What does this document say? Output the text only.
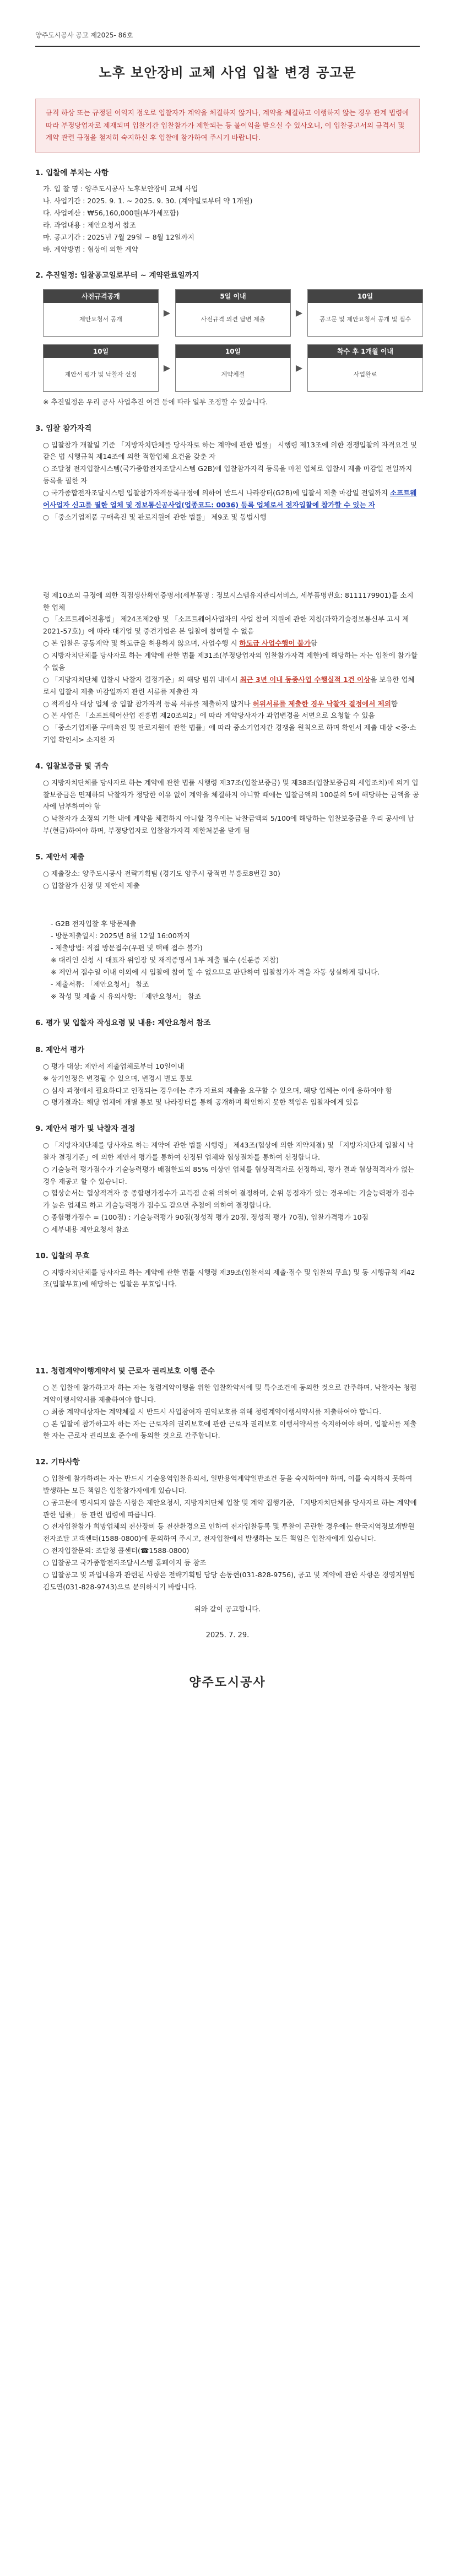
양주도시공사 공고 제2025- 86호
노후 보안장비 교체 사업 입찰 변경 공고문
규격 하상 또는 규정된 이익지 정오로 입찰자가 계약을 체결하지 않거나, 계약을 체결하고 이행하지 않는 경우 관계 법령에 따라 부정당업자로 제재되며 입찰기간 입찰참가가 제한되는 등 불이익을 받으실 수 있사오니, 이 입찰공고서의 규격서 및 계약 관련 규정을 철저히 숙지하신 후 입찰에 참가하여 주시기 바랍니다.
1. 입찰에 부치는 사항
가. 입 찰 명 : 양주도시공사 노후보안장비 교체 사업
나. 사업기간 : 2025. 9. 1. ~ 2025. 9. 30. (계약일로부터 약 1개월)
다. 사업예산 : ₩56,160,000원(부가세포함)
라. 과업내용 : 제안요청서 참조
마. 공고기간 : 2025년 7월 29일 ~ 8월 12일까지
바. 계약방법 : 협상에 의한 계약
2. 추진일정: 입찰공고일로부터 ~ 계약완료일까지
사전규격공개
제안요청서 공개
▶
5일 이내
사전규격 의견 답변 제출
▶
10일
공고문 및 제안요청서 공개 및 접수
10일
제안서 평가 및 낙찰자 선정
▶
10일
계약체결
▶
착수 후 1개월 이내
사업완료

※ 추진일정은 우리 공사 사업추진 여건 등에 따라 일부 조정할 수 있습니다.

3. 입찰 참가자격

○ 입찰참가 개찰일 기준 「지방자치단체를 당사자로 하는 계약에 관한 법률」 시행령 제13조에 의한 경쟁입찰의 자격요건 및 같은 법 시행규칙 제14조에 의한 적합업체 요건을 갖춘 자

○ 조달청 전자입찰시스템(국가종합전자조달시스템 G2B)에 입찰참가자격 등록을 마친 업체로 입찰서 제출 마감일 전일까지 등록을 필한 자

○ 국가종합전자조달시스템 입찰참가자격등록규정에 의하여 반드시 나라장터(G2B)에 입찰서 제출 마감일 전일까지 소프트웨어사업자 신고를 필한 업체 및 정보통신공사업(업종코드: 0036) 등록 업체로서 전자입찰에 참가할 수 있는 자

○ 「중소기업제품 구매촉진 및 판로지원에 관한 법률」 제9조 및 동법시행

령 제10조의 규정에 의한 직접생산확인증명서(세부품명 : 정보시스템유지관리서비스, 세부품명번호: 8111179901)를 소지한 업체

○ 「소프트웨어진흥법」 제24조제2항 및 「소프트웨어사업자의 사업 참여 지원에 관한 지침(과학기술정보통신부 고시 제2021-57호)」에 따라 대기업 및 중견기업은 본 입찰에 참여할 수 없음

○ 본 입찰은 공동계약 및 하도급을 허용하지 않으며, 사업수행 시 하도급 사업수행이 불가함

○ 지방자치단체를 당사자로 하는 계약에 관한 법률 제31조(부정당업자의 입찰참가자격 제한)에 해당하는 자는 입찰에 참가할 수 없음

○ 「지방자치단체 입찰시 낙찰자 결정기준」의 해당 범위 내에서 최근 3년 이내 동종사업 수행실적 1건 이상을 보유한 업체로서 입찰서 제출 마감일까지 관련 서류를 제출한 자

○ 적격심사 대상 업체 중 입찰 참가자격 등록 서류를 제출하지 않거나 허위서류를 제출한 경우 낙찰자 결정에서 제외함

○ 본 사업은 「소프트웨어산업 진흥법 제20조의2」에 따라 계약당사자가 과업변경을 서면으로 요청할 수 있음

○ 「중소기업제품 구매촉진 및 판로지원에 관한 법률」에 따라 중소기업자간 경쟁을 원칙으로 하며 확인서 제출 대상 <중·소기업 확인서> 소지한 자

4. 입찰보증금 및 귀속

○ 지방자치단체를 당사자로 하는 계약에 관한 법률 시행령 제37조(입찰보증금) 및 제38조(입찰보증금의 세입조치)에 의거 입찰보증금은 면제하되 낙찰자가 정당한 이유 없이 계약을 체결하지 아니할 때에는 입찰금액의 100분의 5에 해당하는 금액을 공사에 납부하여야 함

○ 낙찰자가 소정의 기한 내에 계약을 체결하지 아니할 경우에는 낙찰금액의 5/100에 해당하는 입찰보증금을 우리 공사에 납부(현금)하여야 하며, 부정당업자로 입찰참가자격 제한처분을 받게 됨

5. 제안서 제출
○ 제출장소: 양주도시공사 전략기획팀 (경기도 양주시 광적면 부흥로8번길 30)
○ 입찰참가 신청 및 제안서 제출
- G2B 전자입찰 후 방문제출
- 방문제출일시: 2025년 8월 12일 16:00까지
- 제출방법: 직접 방문접수(우편 및 택배 접수 불가)
※ 대리인 신청 시 대표자 위임장 및 재직증명서 1부 제출 필수 (신분증 지참)
※ 제안서 접수일 이내 이외에 시 입찰에 참여 할 수 없으므로 판단하여 입찰참가자 격을 자동 상실하게 됩니다.
- 제출서류: 「제안요청서」 참조
※ 작성 및 제출 시 유의사항: 「제안요청서」 참조
6. 평가 및 입찰자 작성요령 및 내용: 제안요청서 참조
8. 제안서 평가
○ 평가 대상: 제안서 제출업체로부터 10일이내
※ 상기일정은 변경될 수 있으며, 변경시 별도 통보
○ 심사 과정에서 필요하다고 인정되는 경우에는 추가 자료의 제출을 요구할 수 있으며, 해당 업체는 이에 응하여야 함
○ 평가결과는 해당 업체에 개별 통보 및 나라장터를 통해 공개하며 확인하지 못한 책임은 입찰자에게 있음
9. 제안서 평가 및 낙찰자 결정
○ 「지방자치단체를 당사자로 하는 계약에 관한 법률 시행령」 제43조(협상에 의한 계약체결) 및 「지방자치단체 입찰시 낙찰자 결정기준」에 의한 제안서 평가를 통하여 선정된 업체와 협상절차를 통하여 선정합니다.
○ 기술능력 평가점수가 기술능력평가 배점한도의 85% 이상인 업체를 협상적격자로 선정하되, 평가 결과 협상적격자가 없는 경우 재공고 할 수 있습니다.
○ 협상순서는 협상적격자 중 종합평가점수가 고득점 순위 의하여 결정하며, 순위 동점자가 있는 경우에는 기술능력평가 점수가 높은 업체로 하고 기술능력평가 점수도 같으면 추첨에 의하여 결정합니다.
○ 종합평가점수 = (100점) : 기술능력평가 90점(정성적 평가 20점, 정성적 평가 70점), 입찰가격평가 10점
○ 세부내용 제안요청서 참조
10. 입찰의 무효
○ 지방자치단체를 당사자로 하는 계약에 관한 법률 시행령 제39조(입찰서의 제출·접수 및 입찰의 무효) 및 동 시행규칙 제42조(입찰무효)에 해당하는 입찰은 무효입니다.
11. 청렴계약이행계약서 및 근로자 권리보호 이행 준수
○ 본 입찰에 참가하고자 하는 자는 청렴계약이행을 위한 입찰확약서에 및 특수조건에 동의한 것으로 간주하며, 낙찰자는 청렴계약이행서약서를 제출하여야 합니다.
○ 최종 계약대상자는 계약체결 시 반드시 사업참여자 권익보호를 위해 청렴계약이행서약서를 제출하여야 합니다.
○ 본 입찰에 참가하고자 하는 자는 근로자의 권리보호에 관한 근로자 권리보호 이행서약서를 숙지하여야 하며, 입찰서를 제출한 자는 근로자 권리보호 준수에 동의한 것으로 간주합니다.
12. 기타사항
○ 입찰에 참가하려는 자는 반드시 기술용역입찰유의서, 일반용역계약일반조건 등을 숙지하여야 하며, 이를 숙지하지 못하여 발생하는 모든 책임은 입찰참가자에게 있습니다.
○ 공고문에 명시되지 않은 사항은 제안요청서, 지방자치단체 입찰 및 계약 집행기준, 「지방자치단체를 당사자로 하는 계약에 관한 법률」 등 관련 법령에 따릅니다.
○ 전자입찰참가 희망업체의 전산장비 등 전산환경으로 인하여 전자입찰등록 및 투찰이 곤란한 경우에는 한국지역정보개발원 전자조달 고객센터(1588-0800)에 문의하여 주시고, 전자입찰에서 발생하는 모든 책임은 입찰자에게 있습니다.
○ 전자입찰문의: 조달청 콜센터(☎1588-0800)
○ 입찰공고 국가종합전자조달시스템 홈페이지 등 참조
○ 입찰공고 및 과업내용과 관련된 사항은 전략기획팀 담당 손동현(031-828-9756), 공고 및 계약에 관한 사항은 경영지원팀 김도연(031-828-9743)으로 문의하시기 바랍니다.

위와 같이 공고합니다.

2025. 7. 29.
양주도시공사
